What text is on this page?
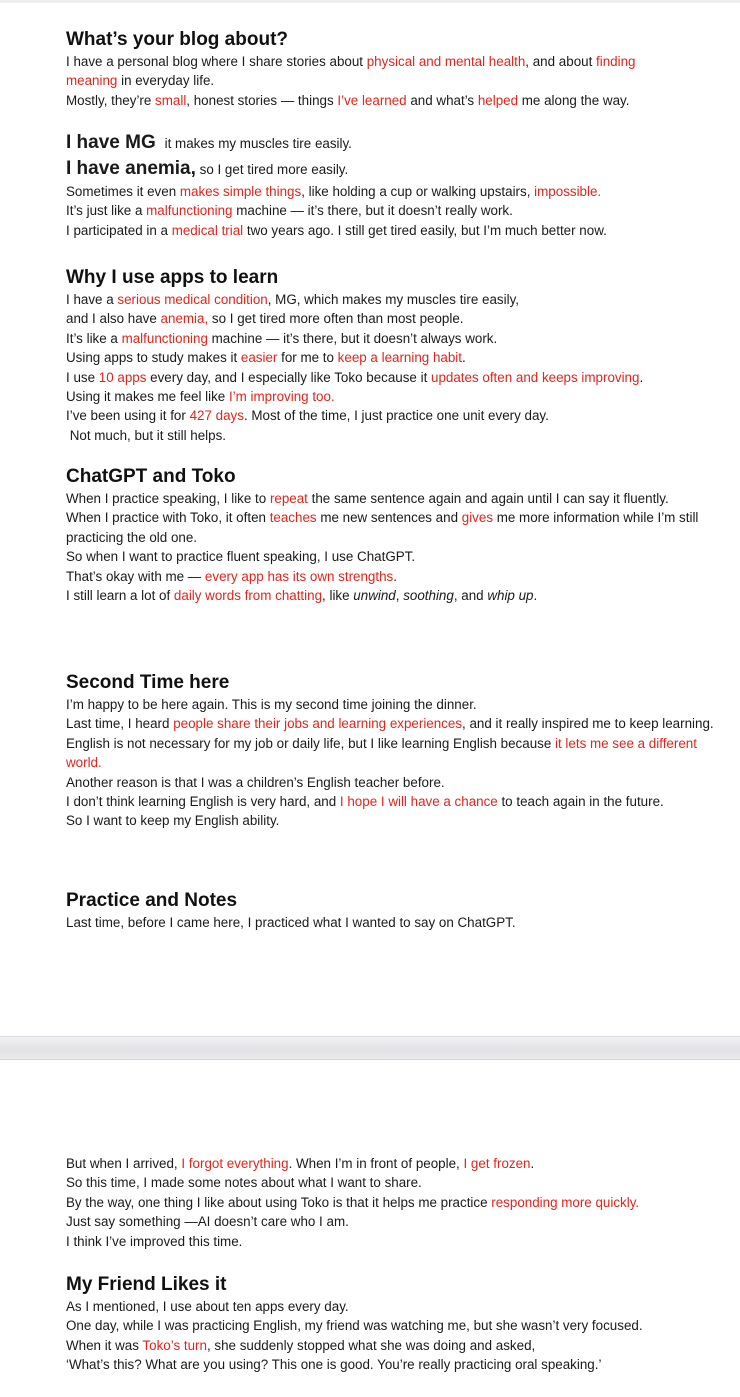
What’s your blog about?
I have a personal blog where I share stories about physical and mental health, and about finding
meaning in everyday life.
Mostly, they’re small, honest stories — things I’ve learned and what’s helped me along the way.
I have MG it makes my muscles tire easily.
I have anemia, so I get tired more easily.
Sometimes it even makes simple things, like holding a cup or walking upstairs, impossible.
It’s just like a malfunctioning machine — it’s there, but it doesn’t really work.
I participated in a medical trial two years ago. I still get tired easily, but I’m much better now.
Why I use apps to learn
I have a serious medical condition, MG, which makes my muscles tire easily,
and I also have anemia, so I get tired more often than most people.
It’s like a malfunctioning machine — it’s there, but it doesn’t always work.
Using apps to study makes it easier for me to keep a learning habit.
I use 10 apps every day, and I especially like Toko because it updates often and keeps improving.
Using it makes me feel like I’m improving too.
I’ve been using it for 427 days. Most of the time, I just practice one unit every day.
Not much, but it still helps.
ChatGPT and Toko
When I practice speaking, I like to repeat the same sentence again and again until I can say it fluently.
When I practice with Toko, it often teaches me new sentences and gives me more information while I’m still practicing the old one.
So when I want to practice fluent speaking, I use ChatGPT.
That’s okay with me — every app has its own strengths.
I still learn a lot of daily words from chatting, like unwind, soothing, and whip up.
Second Time here
I’m happy to be here again. This is my second time joining the dinner.
Last time, I heard people share their jobs and learning experiences, and it really inspired me to keep learning.
English is not necessary for my job or daily life, but I like learning English because it lets me see a different world.
Another reason is that I was a children’s English teacher before.
I don’t think learning English is very hard, and I hope I will have a chance to teach again in the future.
So I want to keep my English ability.
Practice and Notes
Last time, before I came here, I practiced what I wanted to say on ChatGPT.
But when I arrived, I forgot everything. When I’m in front of people, I get frozen.
So this time, I made some notes about what I want to share.
By the way, one thing I like about using Toko is that it helps me practice responding more quickly.
Just say something —AI doesn’t care who I am.
I think I’ve improved this time.
My Friend Likes it
As I mentioned, I use about ten apps every day.
One day, while I was practicing English, my friend was watching me, but she wasn’t very focused.
When it was Toko’s turn, she suddenly stopped what she was doing and asked,
‘What’s this? What are you using? This one is good. You’re really practicing oral speaking.’
